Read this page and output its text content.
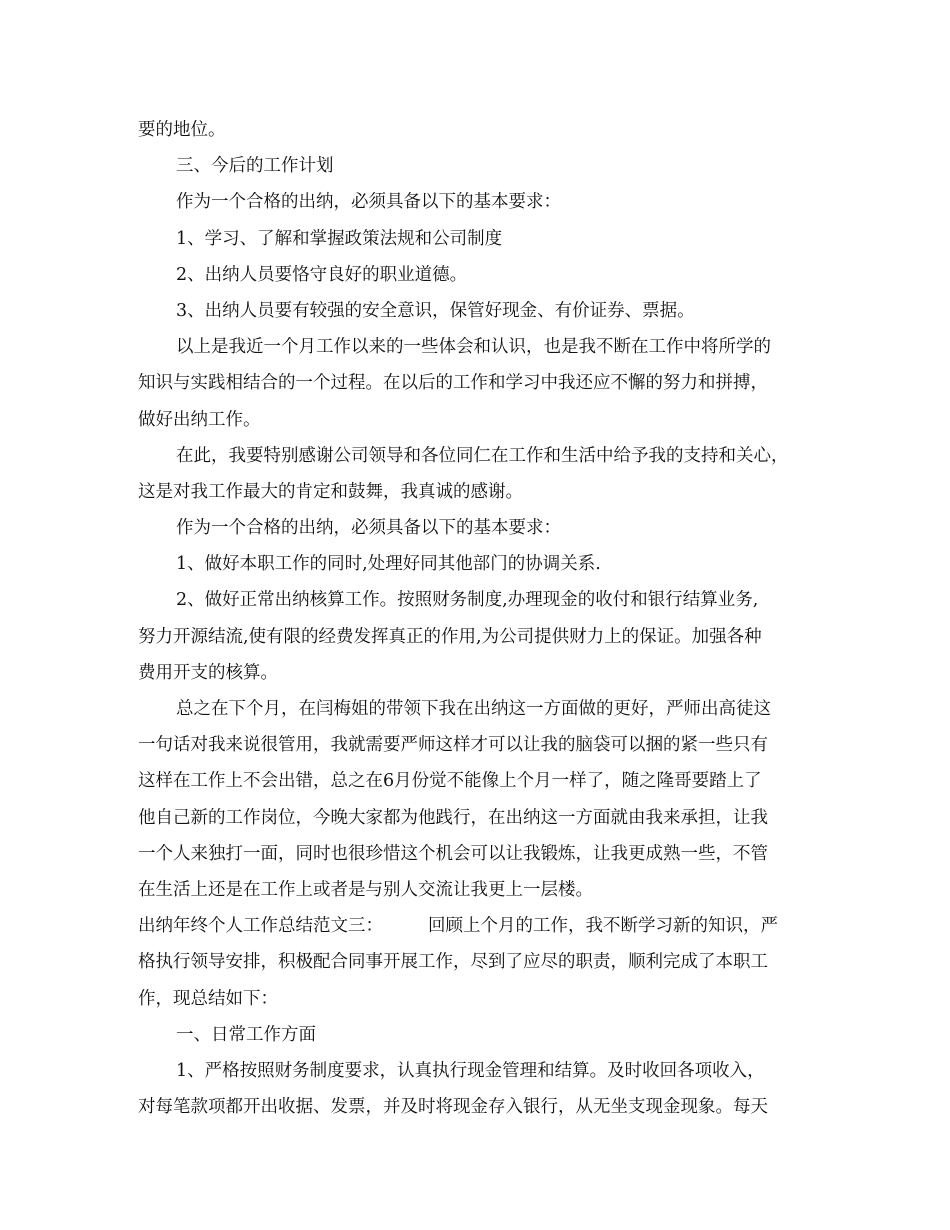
要的地位。
三、今后的工作计划
作为一个合格的出纳，必须具备以下的基本要求：
1、学习、了解和掌握政策法规和公司制度
2、出纳人员要恪守良好的职业道德。
3、出纳人员要有较强的安全意识，保管好现金、有价证券、票据。
以上是我近一个月工作以来的一些体会和认识，也是我不断在工作中将所学的
知识与实践相结合的一个过程。在以后的工作和学习中我还应不懈的努力和拼搏，
做好出纳工作。
在此，我要特别感谢公司领导和各位同仁在工作和生活中给予我的支持和关心，
这是对我工作最大的肯定和鼓舞，我真诚的感谢。
作为一个合格的出纳，必须具备以下的基本要求：
1、做好本职工作的同时,处理好同其他部门的协调关系.
2、做好正常出纳核算工作。按照财务制度,办理现金的收付和银行结算业务,
努力开源结流,使有限的经费发挥真正的作用,为公司提供财力上的保证。加强各种
费用开支的核算。
总之在下个月，在闫梅姐的带领下我在出纳这一方面做的更好，严师出高徒这
一句话对我来说很管用，我就需要严师这样才可以让我的脑袋可以捆的紧一些只有
这样在工作上不会出错，总之在6月份觉不能像上个月一样了，随之隆哥要踏上了
他自己新的工作岗位，今晚大家都为他践行，在出纳这一方面就由我来承担，让我
一个人来独打一面，同时也很珍惜这个机会可以让我锻炼，让我更成熟一些，不管
在生活上还是在工作上或者是与别人交流让我更上一层楼。
出纳年终个人工作总结范文三：	回顾上个月的工作，我不断学习新的知识，严
格执行领导安排，积极配合同事开展工作，尽到了应尽的职责，顺利完成了本职工
作，现总结如下：
一、日常工作方面
1、严格按照财务制度要求，认真执行现金管理和结算。及时收回各项收入，
对每笔款项都开出收据、发票，并及时将现金存入银行，从无坐支现金现象。每天
